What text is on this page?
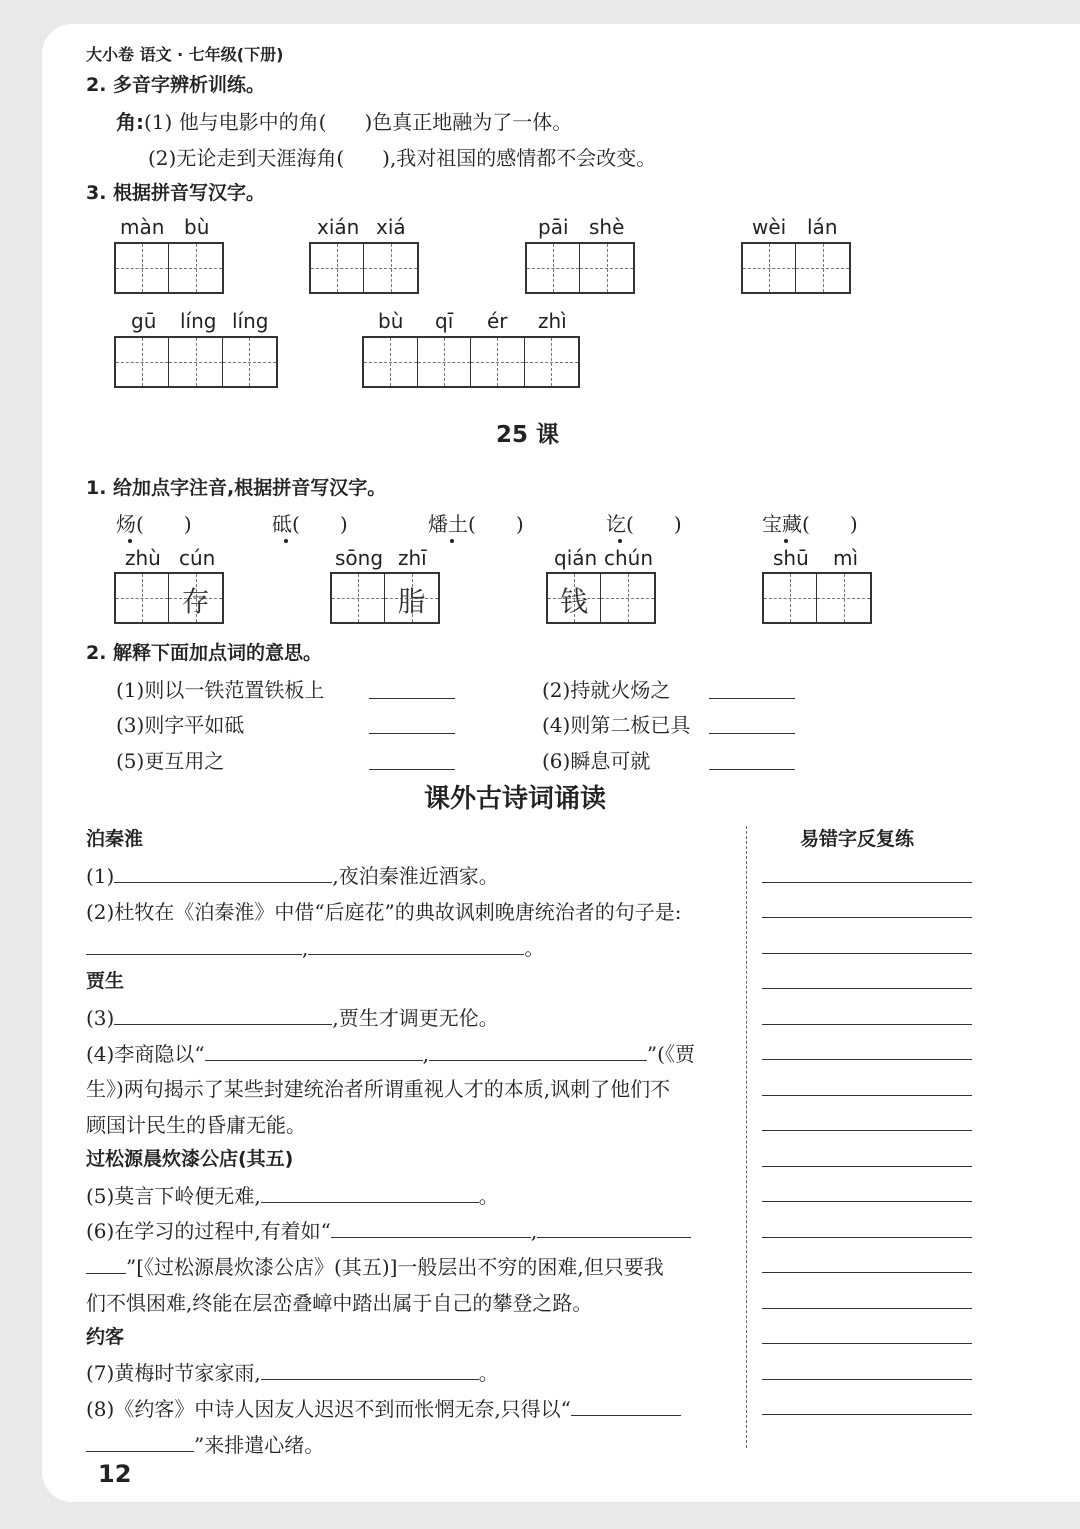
大小卷 语文 · 七年级(下册)
2. 多音字辨析训练。
角:(1) 他与电影中的角( )色真正地融为了一体。
(2)无论走到天涯海角( ),我对祖国的感情都不会改变。
3. 根据拼音写汉字。
màn bù	xián xiá	pāi shè	wèi lán
gū líng líng	bù qī ér zhì
25 课
1. 给加点字注音,根据拼音写汉字。
炀( )	砥( )	燔土( )	讫( )	宝藏( )
zhù cún
存
sōng zhī
脂
qián chún
钱
shū mì
2. 解释下面加点词的意思。
(1)则以一铁范置铁板上	(2)持就火炀之
(3)则字平如砥	(4)则第二板已具
(5)更互用之	(6)瞬息可就
课外古诗词诵读
易错字反复练
泊秦淮
(1)	,夜泊秦淮近酒家。
(2)杜牧在《泊秦淮》中借“后庭花”的典故讽刺晚唐统治者的句子是:
,	。
贾生
(3)	,贾生才调更无伦。
(4)李商隐以“	,	”(《贾
生》)两句揭示了某些封建统治者所谓重视人才的本质,讽刺了他们不
顾国计民生的昏庸无能。
过松源晨炊漆公店(其五)
(5)莫言下岭便无难,	。
(6)在学习的过程中,有着如“	,
”[《过松源晨炊漆公店》(其五)]一般层出不穷的困难,但只要我
们不惧困难,终能在层峦叠嶂中踏出属于自己的攀登之路。
约客
(7)黄梅时节家家雨,	。
(8)《约客》中诗人因友人迟迟不到而怅惘无奈,只得以“
”来排遣心绪。
12
